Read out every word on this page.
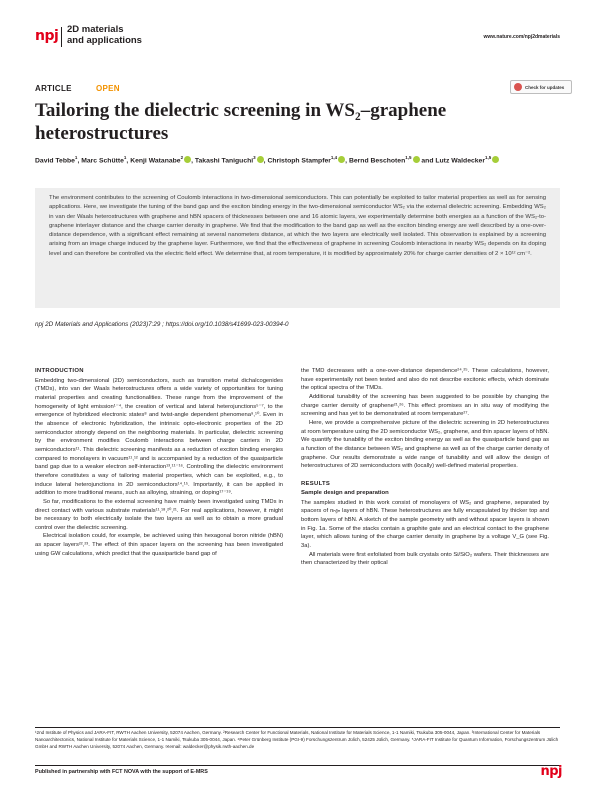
npj 2D materials
and applications	www.nature.com/npj2dmaterials
ARTICLE	OPEN	Check for updates
Tailoring the dielectric screening in WS₂–graphene
heterostructures
David Tebbe$^1$, Marc Schütte$^1$, Kenji Watanabe$^2$ , Takashi Taniguchi$^3$ , Christoph Stampfer$^{1,4}$ , Bernd Beschoten$^{1,5}$ and Lutz Waldecker$^{1,5}$

The environment contributes to the screening of Coulomb interactions in two-dimensional semiconductors. This can potentially be exploited to tailor material properties as well as for sensing applications. Here, we investigate the tuning of the band gap and the exciton binding energy in the two-dimensional semiconductor WS₂ via the external dielectric screening. Embedding WS₂ in van der Waals heterostructures with graphene and hBN spacers of thicknesses between one and 16 atomic layers, we experimentally determine both energies as a function of the WS₂-to-graphene interlayer distance and the charge carrier density in graphene. We find that the modification to the band gap as well as the exciton binding energy are well described by a one-over-distance dependence, with a significant effect remaining at several nanometers distance, at which the two layers are electrically well isolated. This observation is explained by a screening arising from an image charge induced by the graphene layer. Furthermore, we find that the effectiveness of graphene in screening Coulomb interactions in nearby WS₂ depends on its doping level and can therefore be controlled via the electric field effect. We determine that, at room temperature, it is modified by approximately 20% for charge carrier densities of 2 × 10¹² cm⁻².

npj 2D Materials and Applications (2023)7:29 ; https://doi.org/10.1038/s41699-023-00394-0
INTRODUCTION

Embedding two-dimensional (2D) semiconductors, such as transition metal dichalcogenides (TMDs), into van der Waals heterostructures offers a wide variety of opportunities for tuning material properties and creating functionalities. These range from the improvement of the homogeneity of light emission¹⁻⁴, the creation of vertical and lateral heterojunctions⁵⁻⁷, to the emergence of hybridized electronic states⁸ and twist-angle dependent phenomena⁹,¹⁰. Even in the absence of electronic hybridization, the intrinsic opto-electronic properties of the 2D semiconductor strongly depend on the neighboring materials. In particular, dielectric screening by the environment modifies Coulomb interactions between charge carriers in 2D semiconductors¹¹. This dielectric screening manifests as a reduction of exciton binding energies compared to monolayers in vacuum¹¹,¹² and is accompanied by a reduction of the quasiparticle band gap due to a weaker electron self-interaction¹³,¹¹⁻¹⁶. Controlling the dielectric environment therefore constitutes a way of tailoring material properties, which can be exploited, e.g., to induce lateral heterojunctions in 2D semiconductors¹⁴,¹⁵. Importantly, it can be applied in addition to more traditional means, such as alloying, straining, or doping¹⁷⁻¹⁹.

So far, modifications to the external screening have mainly been investigated using TMDs in direct contact with various substrate materials¹¹,¹⁸,²⁰,²¹. For real applications, however, it might be necessary to both electrically isolate the two layers as well as to obtain a more gradual control over the dielectric screening.

Electrical isolation could, for example, be achieved using thin hexagonal boron nitride (hBN) as spacer layers²²,²³. The effect of thin spacer layers on the screening has been investigated using GW calculations, which predict that the quasiparticle band gap of

the TMD decreases with a one-over-distance dependence²⁴,²⁵. These calculations, however, have experimentally not been tested and also do not describe excitonic effects, which dominate the optical spectra of the TMDs.

Additional tunability of the screening has been suggested to be possible by changing the charge carrier density of graphene²¹,²⁶. This effect promises an in situ way of modifying the screening and has yet to be demonstrated at room temperature²⁷.

Here, we provide a comprehensive picture of the dielectric screening in 2D heterostructures at room temperature using the 2D semiconductor WS₂, graphene, and thin spacer layers of hBN. We quantify the tunability of the exciton binding energy as well as the quasiparticle band gap as a function of the distance between WS₂ and graphene as well as of the charge carrier density of graphene. Our results demonstrate a wide range of tunability and will allow the design of heterostructures of 2D semiconductors with (locally) well-defined material properties.

RESULTS
Sample design and preparation

The samples studied in this work consist of monolayers of WS₂ and graphene, separated by spacers of nₕᵦₙ layers of hBN. These heterostructures are fully encapsulated by thicker top and bottom layers of hBN. A sketch of the sample geometry with and without spacer layers is shown in Fig. 1a. Some of the stacks contain a graphite gate and an electrical contact to the graphene layer, which allows tuning of the charge carrier density in graphene by a voltage V_G (see Fig. 3a).

All materials were first exfoliated from bulk crystals onto Si/SiO₂ wafers. Their thicknesses are then characterized by their optical

¹2nd Institute of Physics and JARA-FIT, RWTH Aachen University, 52074 Aachen, Germany. ²Research Center for Functional Materials, National Institute for Materials Science, 1-1 Namiki, Tsukuba 305-0044, Japan. ³International Center for Materials Nanoarchitectonics, National Institute for Materials Science, 1-1 Namiki, Tsukuba 305-0044, Japan. ⁴Peter Grünberg Institute (PGI-9) Forschungszentrum Jülich, 52425 Jülich, Germany. ⁵JARA-FIT Institute for Quantum Information, Forschungszentrum Jülich GmbH and RWTH Aachen University, 52074 Aachen, Germany. ✉email: waldecker@physik.rwth-aachen.de
Published in partnership with FCT NOVA with the support of E-MRS	npj
